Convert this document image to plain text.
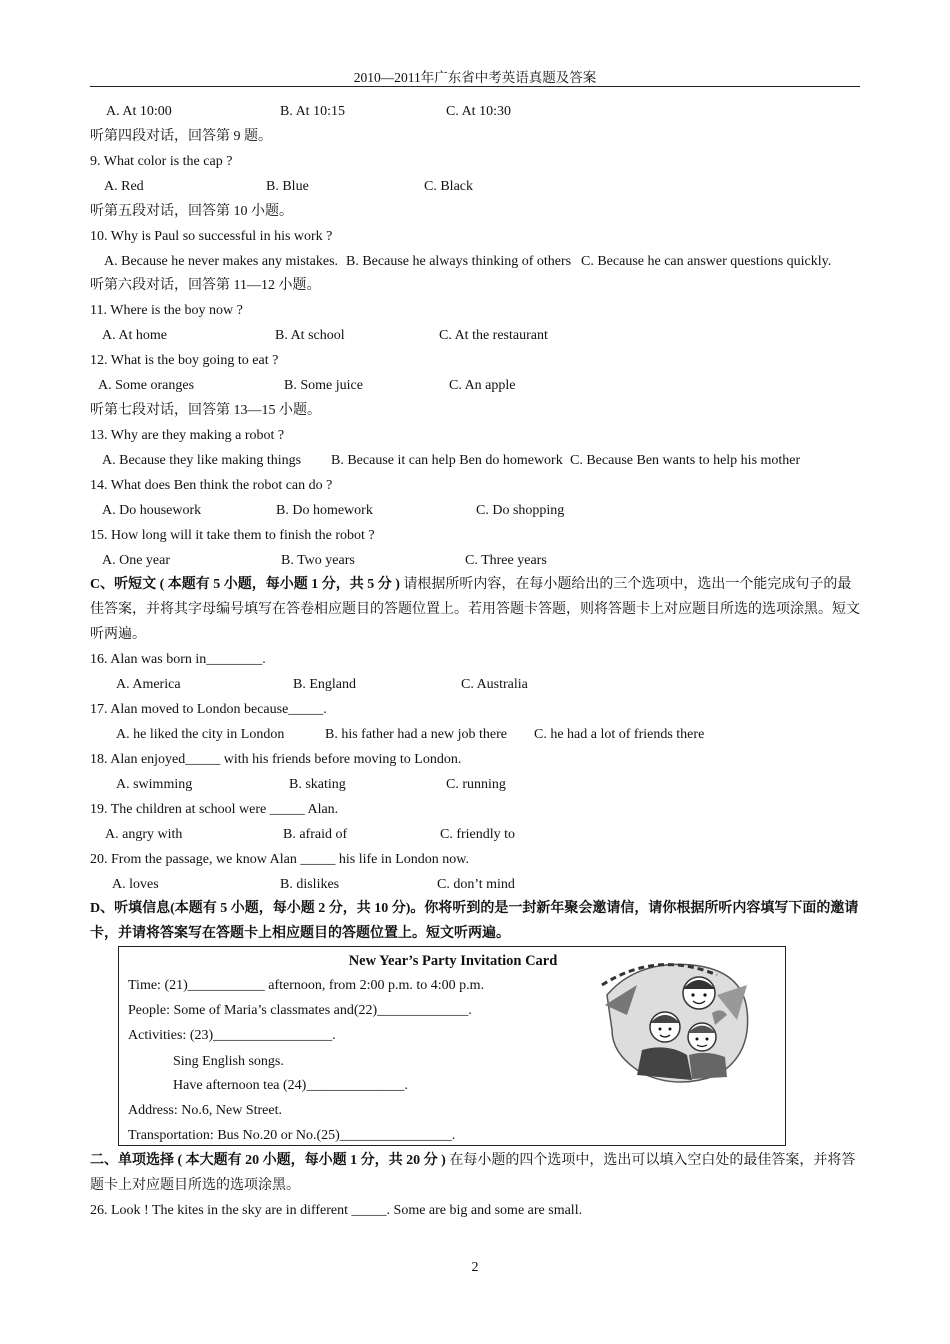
2010—2011年广东省中考英语真题及答案
A. At 10:00	B. At 10:15	C. At 10:30
听第四段对话，回答第 9 题。
9. What color is the cap ?
A. Red	B. Blue	C. Black
听第五段对话，回答第 10 小题。
10. Why is Paul so successful in his work ?
A. Because he never makes any mistakes. B. Because he always thinking of others C. Because he can answer questions quickly.
听第六段对话，回答第 11—12 小题。
11. Where is the boy now ?
A. At home	B. At school	C. At the restaurant
12. What is the boy going to eat ?
A. Some oranges	B. Some juice	C. An apple
听第七段对话，回答第 13—15 小题。
13. Why are they making a robot ?
A. Because they like making things B. Because it can help Ben do homework C. Because Ben wants to help his mother
14. What does Ben think the robot can do ?
A. Do housework	B. Do homework	C. Do shopping
15. How long will it take them to finish the robot ?
A. One year	B. Two years	C. Three years
C、听短文 ( 本题有 5 小题，每小题 1 分，共 5 分 ) 请根据所听内容，在每小题给出的三个选项中，选出一个能完成句子的最佳答案，并将其字母编号填写在答卷相应题目的答题位置上。若用答题卡答题，则将答题卡上对应题目所选的选项涂黑。短文听两遍。
16. Alan was born in________.
A. America	B. England	C. Australia
17. Alan moved to London because_____.
A. he liked the city in London	B. his father had a new job there C. he had a lot of friends there
18. Alan enjoyed_____ with his friends before moving to London.
A. swimming	B. skating	C. running
19. The children at school were _____ Alan.
A. angry with	B. afraid of	C. friendly to
20. From the passage, we know Alan _____ his life in London now.
A. loves	B. dislikes	C. don’t mind
D、听填信息(本题有 5 小题，每小题 2 分，共 10 分)。你将听到的是一封新年聚会邀请信，请你根据所听内容填写下面的邀请卡，并请将答案写在答题卡上相应题目的答题位置上。短文听两遍。
New Year’s Party Invitation Card
Time: (21)___________ afternoon, from 2:00 p.m. to 4:00 p.m.
People: Some of Maria’s classmates and(22)_____________.
Activities: (23)_________________.
Sing English songs.
Have afternoon tea (24)______________.
Address: No.6, New Street.
Transportation: Bus No.20 or No.(25)________________.
二、单项选择 ( 本大题有 20 小题，每小题 1 分，共 20 分 ) 在每小题的四个选项中，选出可以填入空白处的最佳答案，并将答题卡上对应题目所选的选项涂黑。
26. Look ! The kites in the sky are in different _____. Some are big and some are small.
2
